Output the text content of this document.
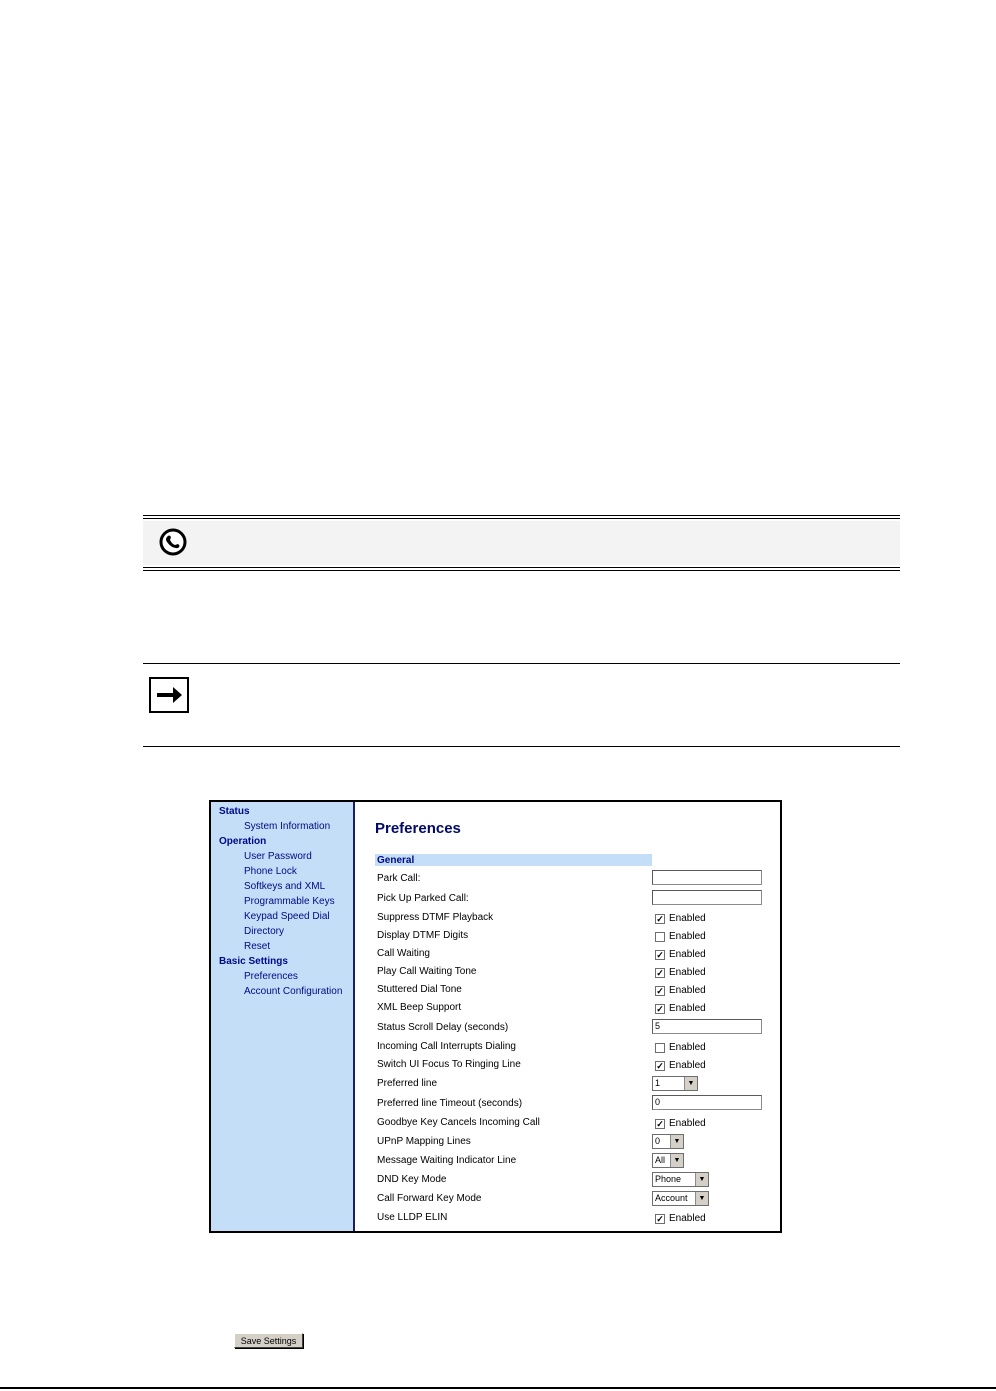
Status
System Information
Operation
User Password
Phone Lock
Softkeys and XML
Programmable Keys
Keypad Speed Dial
Directory
Reset
Basic Settings
Preferences
Account Configuration
Preferences
General
Park Call:
Pick Up Parked Call:
Suppress DTMF Playback	✓ Enabled
Display DTMF Digits	Enabled
Call Waiting	✓ Enabled
Play Call Waiting Tone	✓ Enabled
Stuttered Dial Tone	✓ Enabled
XML Beep Support	✓ Enabled
Status Scroll Delay (seconds)	5
Incoming Call Interrupts Dialing	Enabled
Switch UI Focus To Ringing Line	✓ Enabled
Preferred line	1	▼
Preferred line Timeout (seconds)	0
Goodbye Key Cancels Incoming Call	✓ Enabled
UPnP Mapping Lines	0	▼
Message Waiting Indicator Line	All	▼
DND Key Mode	Phone	▼
Call Forward Key Mode	Account	▼
Use LLDP ELIN	✓ Enabled
Save Settings
